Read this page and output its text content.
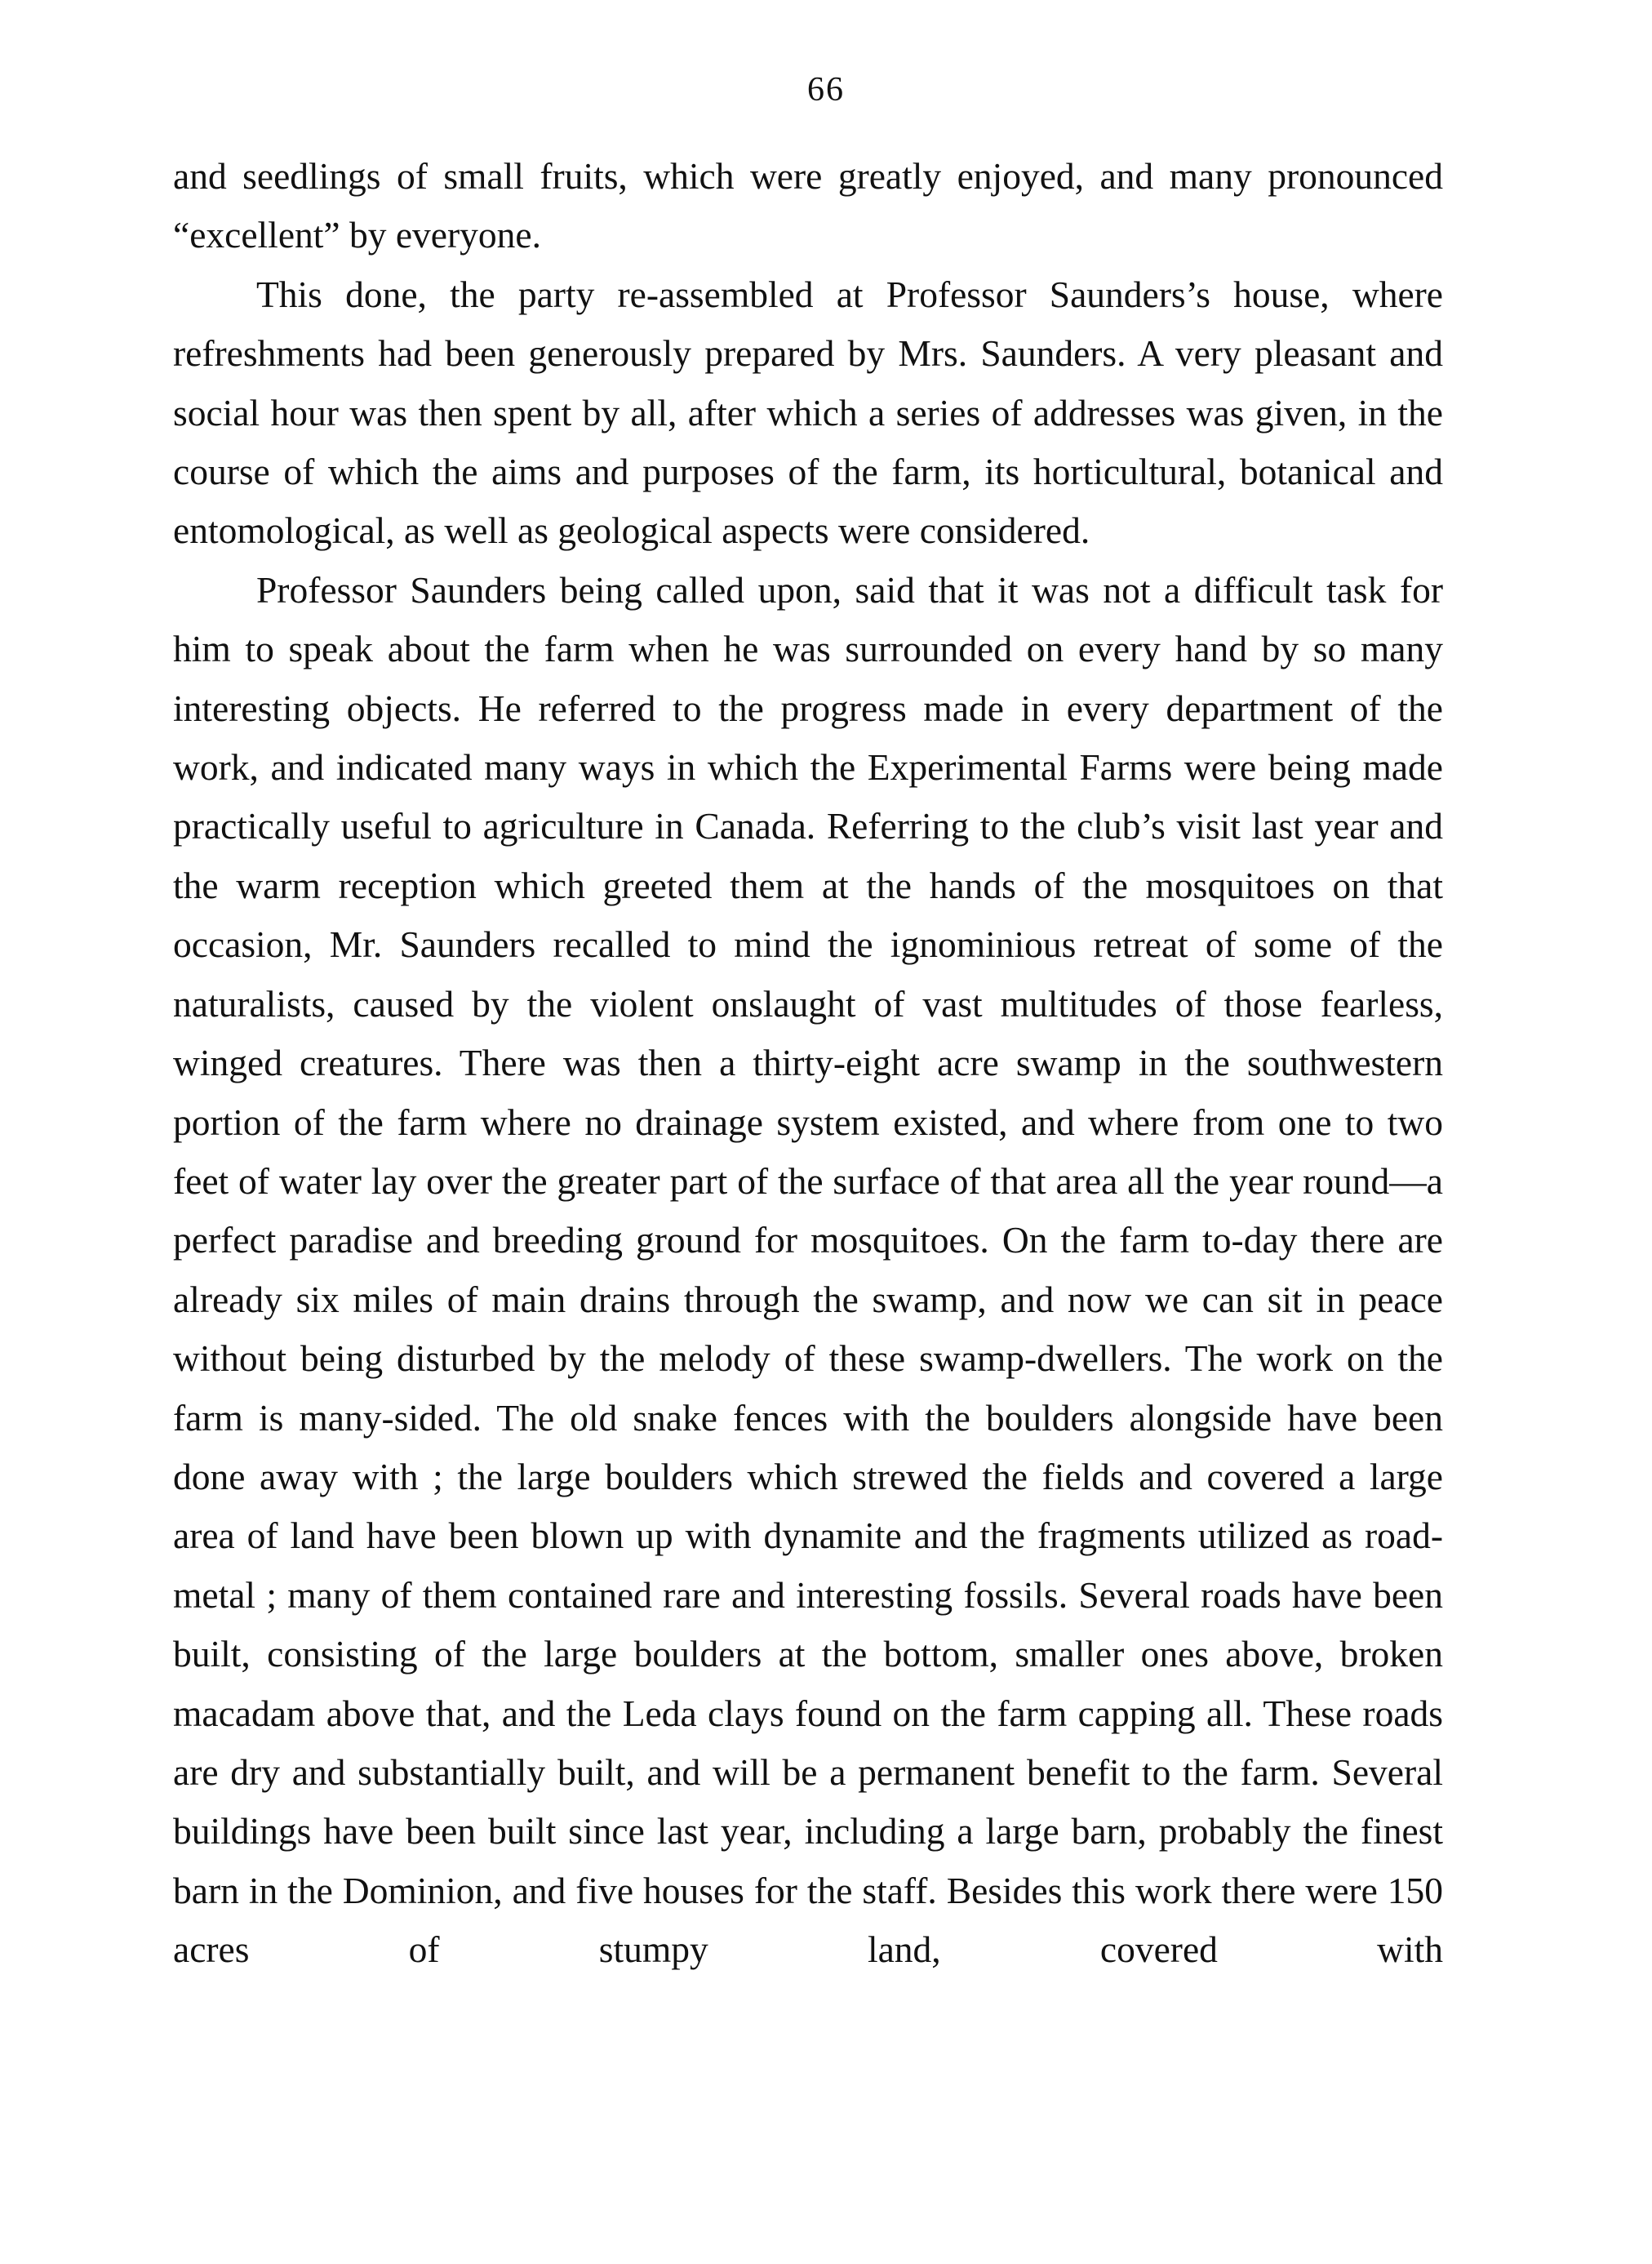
66

and seedlings of small fruits, which were greatly enjoyed, and many pronounced “excellent” by everyone.

This done, the party re-assembled at Professor Saunders’s house, where refreshments had been generously prepared by Mrs. Saunders. A very pleasant and social hour was then spent by all, after which a series of addresses was given, in the course of which the aims and purposes of the farm, its horticultural, botanical and entomological, as well as geological aspects were considered.

Professor Saunders being called upon, said that it was not a difficult task for him to speak about the farm when he was surrounded on every hand by so many interesting objects. He referred to the progress made in every department of the work, and indicated many ways in which the Experimental Farms were being made practically useful to agriculture in Canada. Referring to the club’s visit last year and the warm reception which greeted them at the hands of the mosquitoes on that occasion, Mr. Saunders recalled to mind the ignominious retreat of some of the naturalists, caused by the violent onslaught of vast multitudes of those fearless, winged creatures. There was then a thirty-eight acre swamp in the southwestern portion of the farm where no drainage system existed, and where from one to two feet of water lay over the greater part of the surface of that area all the year round—a perfect paradise and breeding ground for mosquitoes. On the farm to-day there are already six miles of main drains through the swamp, and now we can sit in peace without being disturbed by the melody of these swamp-dwellers. The work on the farm is many-sided. The old snake fences with the boulders alongside have been done away with ; the large boulders which strewed the fields and covered a large area of land have been blown up with dynamite and the fragments utilized as road-metal ; many of them contained rare and interesting fossils. Several roads have been built, consisting of the large boulders at the bottom, smaller ones above, broken macadam above that, and the Leda clays found on the farm capping all. These roads are dry and substantially built, and will be a permanent benefit to the farm. Several buildings have been built since last year, including a large barn, probably the finest barn in the Dominion, and five houses for the staff. Besides this work there were 150 acres of stumpy land, covered with
